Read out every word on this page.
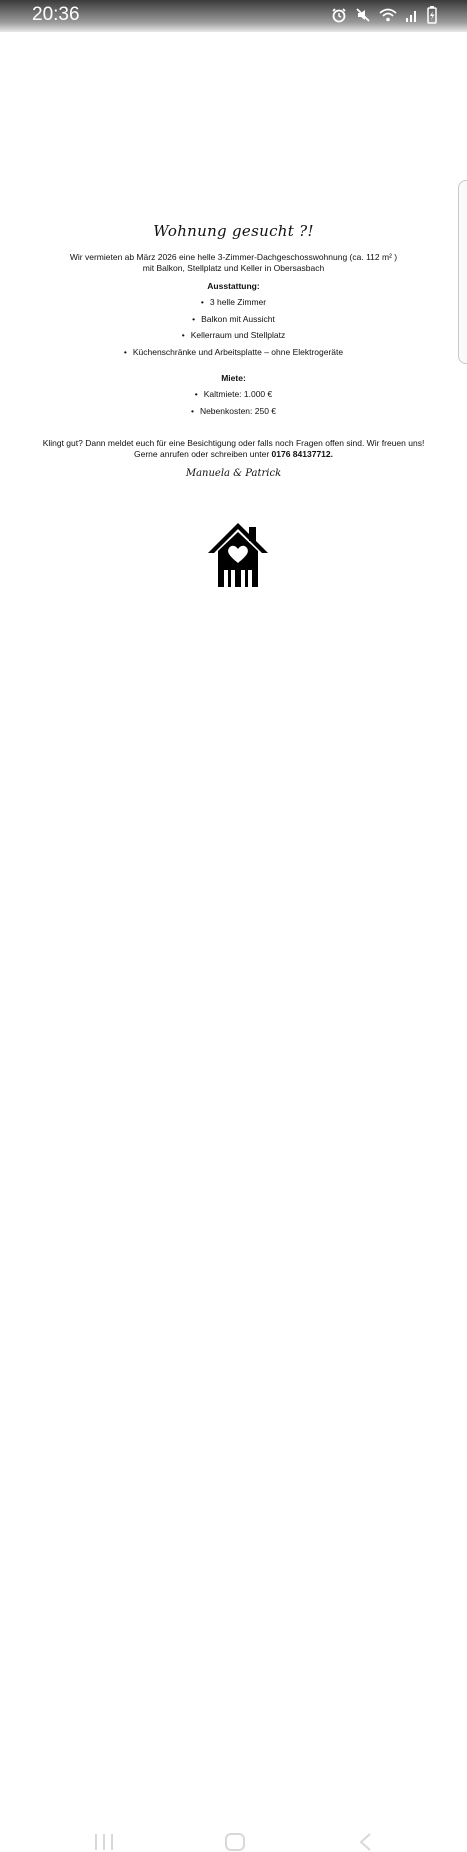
20:36
Wohnung gesucht ?!
Wir vermieten ab März 2026 eine helle 3-Zimmer-Dachgeschosswohnung (ca. 112 m² )
mit Balkon, Stellplatz und Keller in Obersasbach
Ausstattung:
• 3 helle Zimmer
• Balkon mit Aussicht
• Kellerraum und Stellplatz
• Küchenschränke und Arbeitsplatte – ohne Elektrogeräte
Miete:
• Kaltmiete: 1.000 €
• Nebenkosten: 250 €
Klingt gut? Dann meldet euch für eine Besichtigung oder falls noch Fragen offen sind. Wir freuen uns! Gerne anrufen oder schreiben unter 0176 84137712.
Manuela & Patrick
